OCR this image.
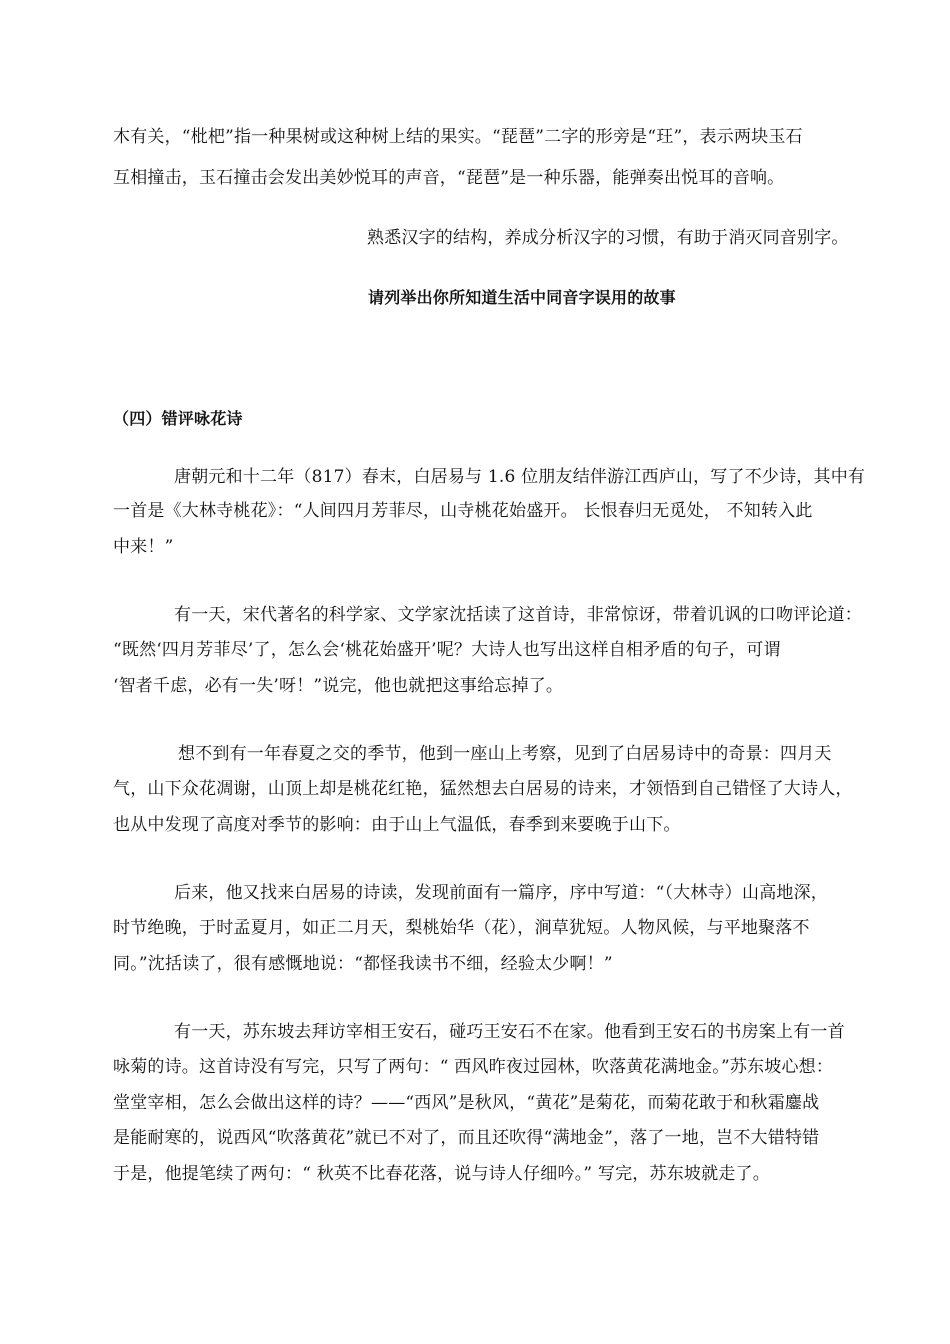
木有关，“枇杷”指一种果树或这种树上结的果实。“琵琶”二字的形旁是“玨”，表示两块玉石
互相撞击，玉石撞击会发出美妙悦耳的声音，“琵琶”是一种乐器，能弹奏出悦耳的音响。
熟悉汉字的结构，养成分析汉字的习惯，有助于消灭同音别字。
请列举出你所知道生活中同音字误用的故事
（四）错评咏花诗
唐朝元和十二年（817）春末，白居易与 1.6 位朋友结伴游江西庐山，写了不少诗，其中有
一首是《大林寺桃花》：“人间四月芳菲尽，山寺桃花始盛开。 长恨春归无觅处， 不知转入此
中来！”
有一天，宋代著名的科学家、文学家沈括读了这首诗，非常惊讶，带着讥讽的口吻评论道：
“既然‘四月芳菲尽’了，怎么会‘桃花始盛开’呢？大诗人也写出这样自相矛盾的句子，可谓
‘智者千虑，必有一失’呀！”说完，他也就把这事给忘掉了。
想不到有一年春夏之交的季节，他到一座山上考察，见到了白居易诗中的奇景：四月天
气，山下众花凋谢，山顶上却是桃花红艳，猛然想去白居易的诗来，才领悟到自己错怪了大诗人，
也从中发现了高度对季节的影响：由于山上气温低，春季到来要晚于山下。
后来，他又找来白居易的诗读，发现前面有一篇序，序中写道：“（大林寺）山高地深，
时节绝晚，于时孟夏月，如正二月天，梨桃始华（花），涧草犹短。人物风候，与平地聚落不
同。”沈括读了，很有感慨地说：“都怪我读书不细，经验太少啊！”
有一天，苏东坡去拜访宰相王安石，碰巧王安石不在家。他看到王安石的书房案上有一首
咏菊的诗。这首诗没有写完，只写了两句：“ 西风昨夜过园林，吹落黄花满地金。”苏东坡心想：
堂堂宰相，怎么会做出这样的诗？——“西风”是秋风，“黄花”是菊花，而菊花敢于和秋霜鏖战
是能耐寒的，说西风“吹落黄花”就已不对了，而且还吹得“满地金”，落了一地，岂不大错特错
于是，他提笔续了两句：“ 秋英不比春花落，说与诗人仔细吟。” 写完，苏东坡就走了。
